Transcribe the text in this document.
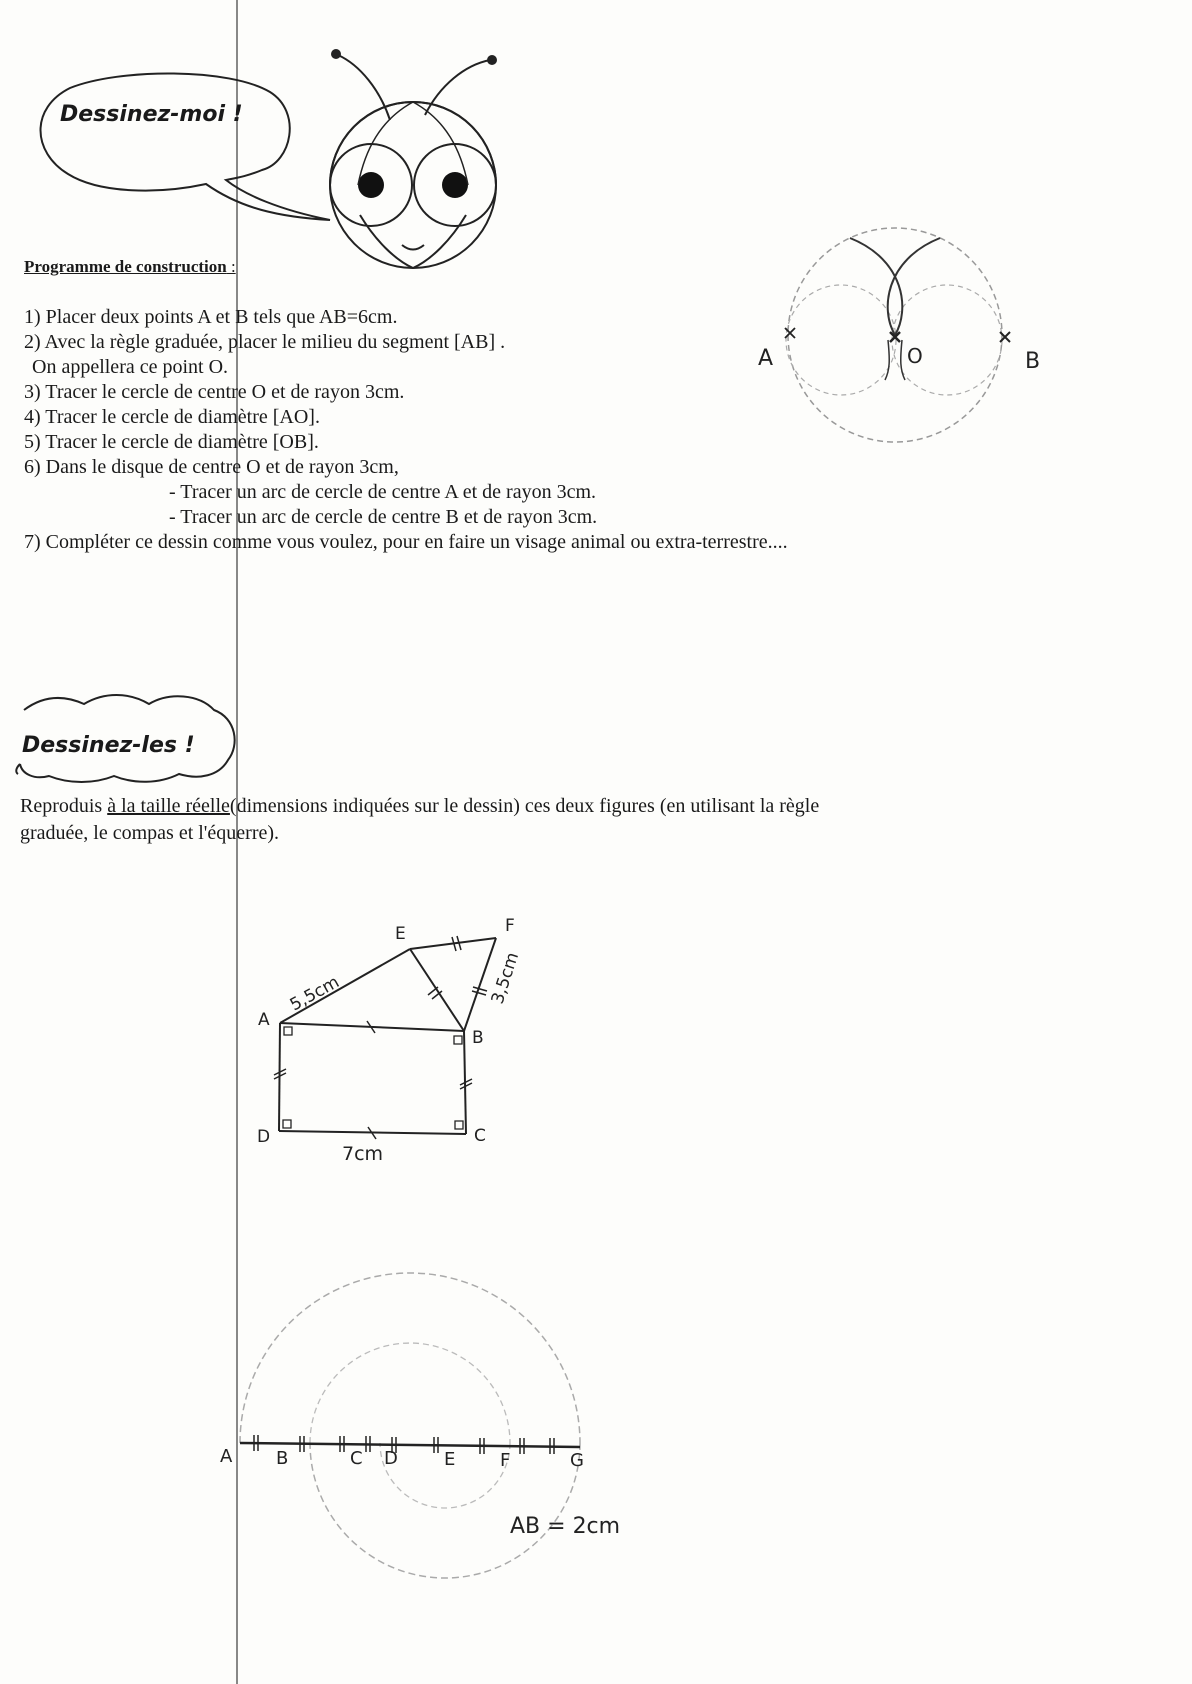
Dessinez-moi !
Programme de construction :
1) Placer deux points A et B tels que AB=6cm.
2) Avec la règle graduée, placer le milieu du segment [AB] .
On appellera ce point O.
3) Tracer le cercle de centre O et de rayon 3cm.
4) Tracer le cercle de diamètre [AO].
5) Tracer le cercle de diamètre [OB].
6) Dans le disque de centre O et de rayon 3cm,
- Tracer un arc de cercle de centre A et de rayon 3cm.
- Tracer un arc de cercle de centre B et de rayon 3cm.
7) Compléter ce dessin comme vous voulez, pour en faire un visage animal ou extra-terrestre....
A	O	B
Dessinez-les !
Reproduis à la taille réelle(dimensions indiquées sur le dessin) ces deux figures (en utilisant la règle
graduée, le compas et l'équerre).
A
B
C
D
E	F
5,5cm	3,5cm
7cm
A B	C D	E F	G
AB = 2cm
